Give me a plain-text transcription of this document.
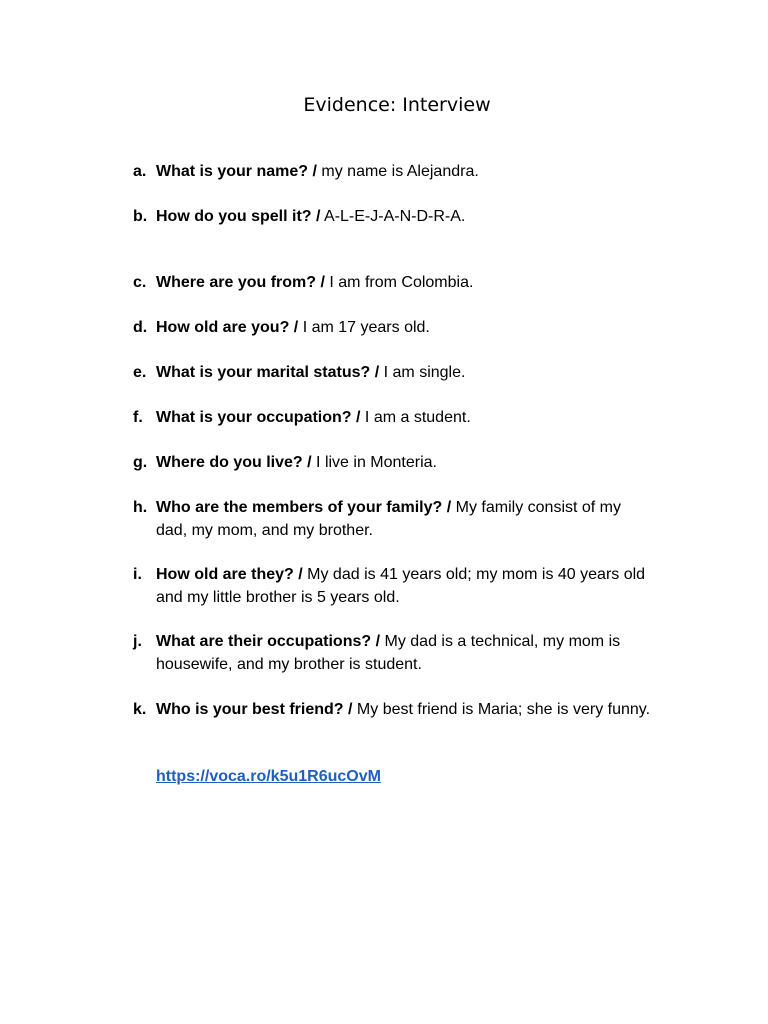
Evidence: Interview
a. What is your name? / my name is Alejandra.
b. How do you spell it? / A-L-E-J-A-N-D-R-A.
c. Where are you from? / I am from Colombia.
d. How old are you? / I am 17 years old.
e. What is your marital status? / I am single.
f. What is your occupation? / I am a student.
g. Where do you live? / I live in Monteria.
h. Who are the members of your family? / My family consist of my dad, my mom, and my brother.
i. How old are they? / My dad is 41 years old; my mom is 40 years old and my little brother is 5 years old.
j. What are their occupations? / My dad is a technical, my mom is housewife, and my brother is student.
k. Who is your best friend? / My best friend is Maria; she is very funny.
https://voca.ro/k5u1R6ucOvM
